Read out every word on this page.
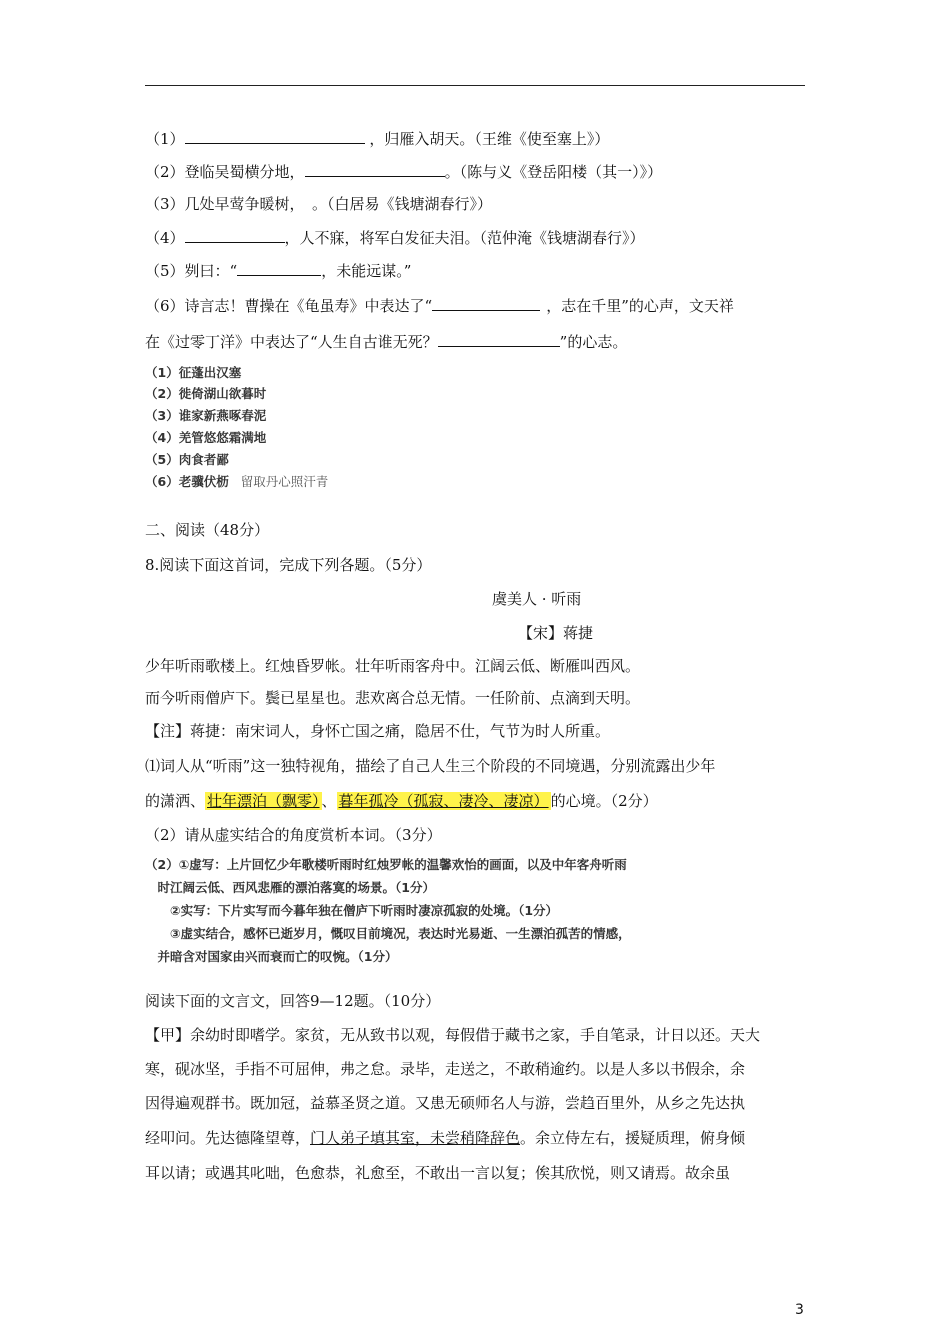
（1）	，归雁入胡天。（王维《使至塞上》）
（2）登临吴蜀横分地，	。（陈与义《登岳阳楼（其一）》）
（3）几处早莺争暖树，　。（白居易《钱塘湖春行》）
（4）	，人不寐，将军白发征夫泪。（范仲淹《钱塘湖春行》）
（5）刿曰：“	，未能远谋。”
（6）诗言志！曹操在《龟虽寿》中表达了“	，志在千里”的心声，文天祥
在《过零丁洋》中表达了“人生自古谁无死？	”的心志。
（1）征蓬出汉塞
（2）徙倚湖山欲暮时
（3）谁家新燕啄春泥
（4）羌管悠悠霜满地
（5）肉食者鄙
（6）老骥伏枥 留取丹心照汗青
二、阅读（48分）
8.阅读下面这首词，完成下列各题。（5分）
虞美人 · 听雨
【宋】蒋捷
少年听雨歌楼上。红烛昏罗帐。壮年听雨客舟中。江阔云低、断雁叫西风。
而今听雨僧庐下。鬓已星星也。悲欢离合总无情。一任阶前、点滴到天明。
【注】蒋捷：南宋词人，身怀亡国之痛，隐居不仕，气节为时人所重。
⑴词人从“听雨”这一独特视角，描绘了自己人生三个阶段的不同境遇，分别流露出少年
的潇洒、 壮年漂泊（飘零） 、 暮年孤冷（孤寂、凄冷、凄凉） 的心境。（2分）
（2）请从虚实结合的角度赏析本词。（3分）
（2）①虚写：上片回忆少年歌楼听雨时红烛罗帐的温馨欢怡的画面，以及中年客舟听雨
　时江阔云低、西风悲雁的漂泊落寞的场景。（1分）
　　②实写：下片实写而今暮年独在僧庐下听雨时凄凉孤寂的处境。（1分）
　　③虚实结合，感怀已逝岁月，慨叹目前境况，表达时光易逝、一生漂泊孤苦的情感，
　并暗含对国家由兴而衰而亡的叹惋。（1分）
阅读下面的文言文，回答9—12题。（10分）
【甲】余幼时即嗜学。家贫，无从致书以观，每假借于藏书之家，手自笔录，计日以还。天大
寒，砚冰坚，手指不可屈伸，弗之怠。录毕，走送之，不敢稍逾约。以是人多以书假余，余
因得遍观群书。既加冠，益慕圣贤之道。又患无硕师名人与游，尝趋百里外，从乡之先达执
经叩问。先达德隆望尊，门人弟子填其室，未尝稍降辞色。余立侍左右，援疑质理，俯身倾
耳以请；或遇其叱咄，色愈恭，礼愈至，不敢出一言以复；俟其欣悦，则又请焉。故余虽
3
